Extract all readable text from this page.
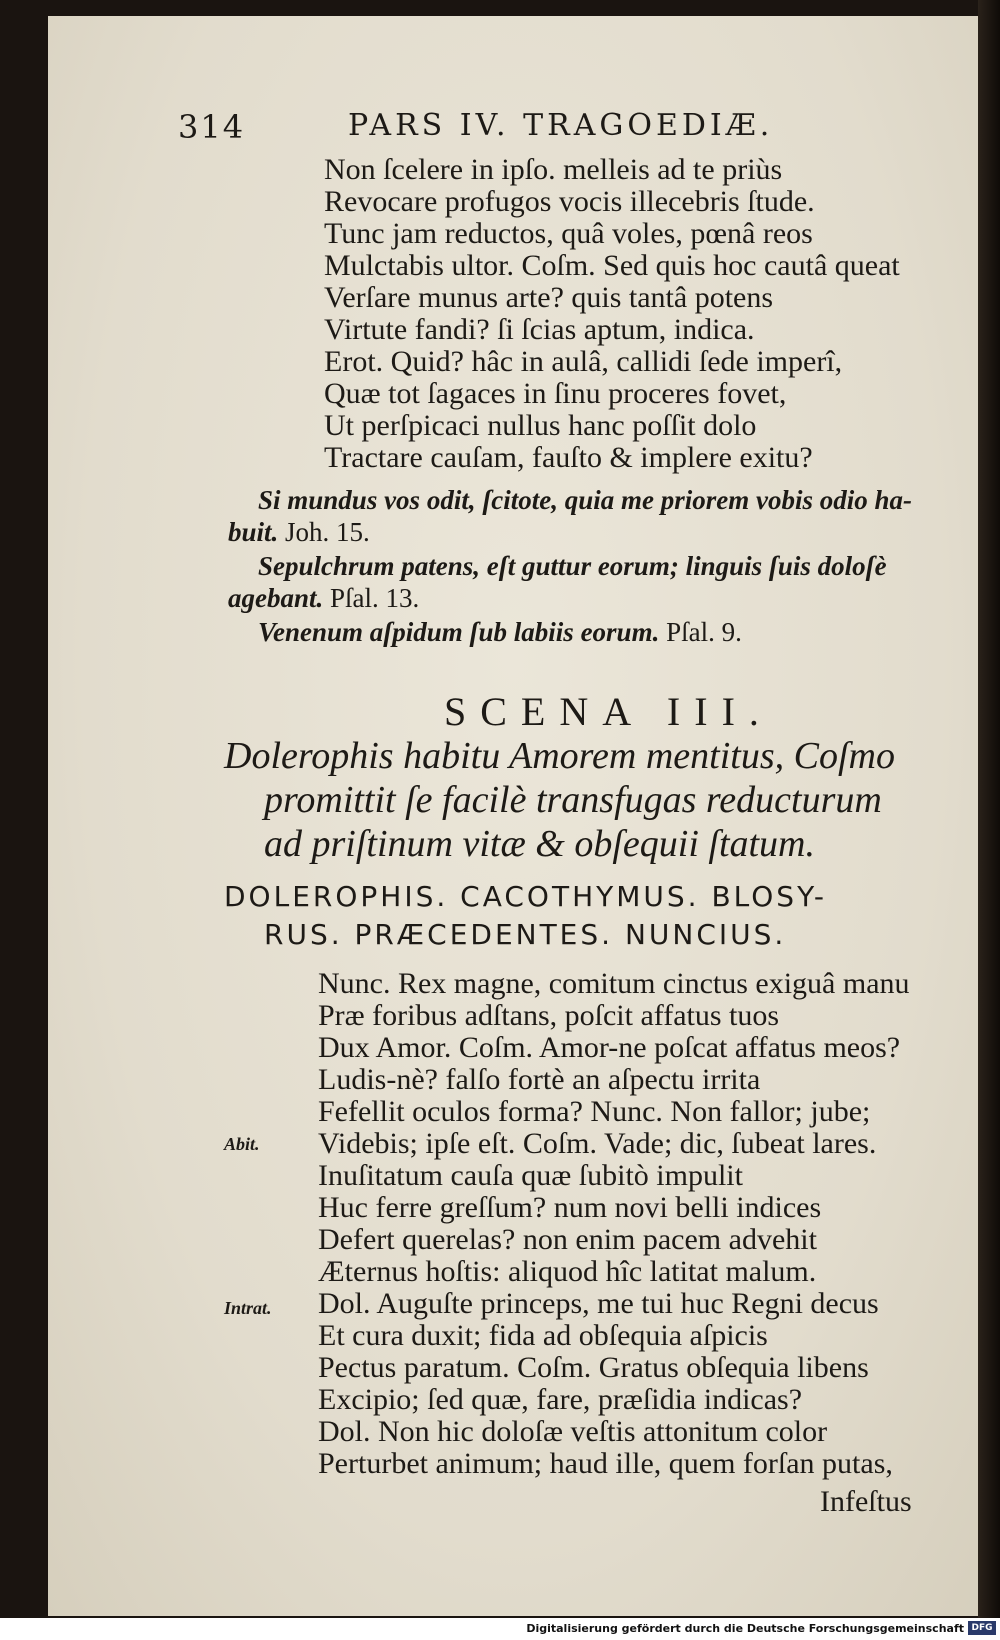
314	PARS IV. TRAGOEDIÆ.
Non ſcelere in ipſo. melleis ad te priùs
Revocare profugos vocis illecebris ſtude.
Tunc jam reductos, quâ voles, pœnâ reos
Mulctabis ultor. Coſm. Sed quis hoc cautâ queat
Verſare munus arte? quis tantâ potens
Virtute fandi? ſi ſcias aptum, indica.
Erot. Quid? hâc in aulâ, callidi ſede imperî,
Quæ tot ſagaces in ſinu proceres fovet,
Ut perſpicaci nullus hanc poſſit dolo
Tractare cauſam, fauſto & implere exitu?
Si mundus vos odit, ſcitote, quia me priorem vobis odio ha-
buit. Joh. 15.
Sepulchrum patens, eſt guttur eorum; linguis ſuis doloſè
agebant. Pſal. 13.
Venenum aſpidum ſub labiis eorum. Pſal. 9.
SCENA III.
Dolerophis habitu Amorem mentitus, Coſmo
promittit ſe facilè transfugas reducturum
ad priſtinum vitæ & obſequii ſtatum.
DOLEROPHIS. CACOTHYMUS. BLOSY-
RUS. PRÆCEDENTES. NUNCIUS.
Abit.
Intrat.
Nunc. Rex magne, comitum cinctus exiguâ manu
Præ foribus adſtans, poſcit affatus tuos
Dux Amor. Coſm. Amor-ne poſcat affatus meos?
Ludis-nè? falſo fortè an aſpectu irrita
Fefellit oculos forma? Nunc. Non fallor; jube;
Videbis; ipſe eſt. Coſm. Vade; dic, ſubeat lares.
Inuſitatum cauſa quæ ſubitò impulit
Huc ferre greſſum? num novi belli indices
Defert querelas? non enim pacem advehit
Æternus hoſtis: aliquod hîc latitat malum.
Dol. Auguſte princeps, me tui huc Regni decus
Et cura duxit; fida ad obſequia aſpicis
Pectus paratum. Coſm. Gratus obſequia libens
Excipio; ſed quæ, fare, præſidia indicas?
Dol. Non hic doloſæ veſtis attonitum color
Perturbet animum; haud ille, quem forſan putas,
Infeſtus
Digitalisierung gefördert durch die Deutsche Forschungsgemeinschaft DFG
